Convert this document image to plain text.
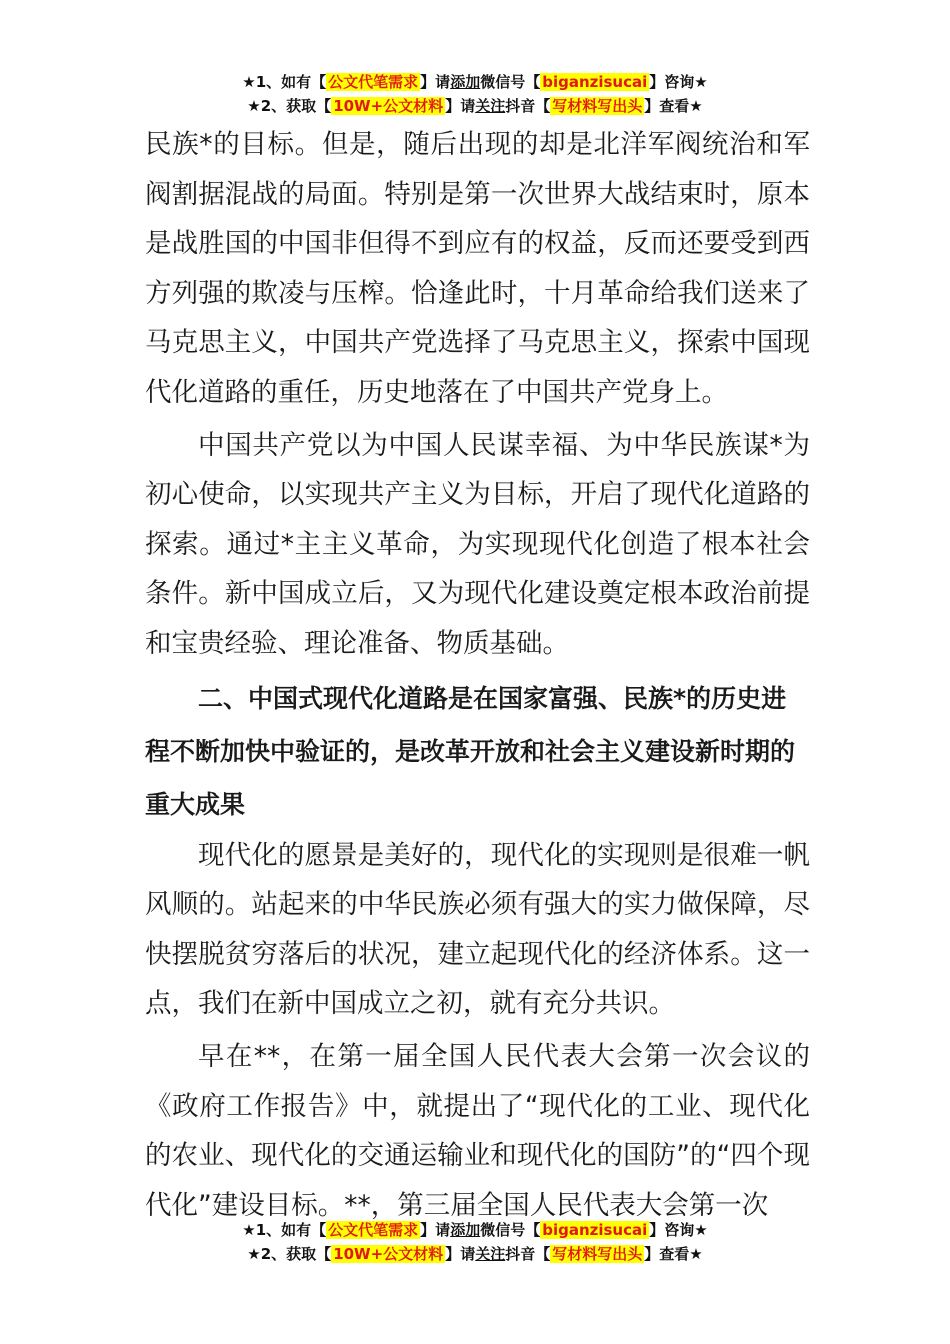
★1、如有【 公文代笔需求 】请添加微信号【 biganzisucai 】咨询★
★2、获取【 10W+公文材料 】请关注抖音【 写材料写出头 】查看★

民族*的目标。但是，随后出现的却是北洋军阀统治和军阀割据混战的局面。特别是第一次世界大战结束时，原本是战胜国的中国非但得不到应有的权益，反而还要受到西方列强的欺凌与压榨。恰逢此时，十月革命给我们送来了马克思主义，中国共产党选择了马克思主义，探索中国现代化道路的重任，历史地落在了中国共产党身上。

中国共产党以为中国人民谋幸福、为中华民族谋*为初心使命，以实现共产主义为目标，开启了现代化道路的探索。通过*主主义革命，为实现现代化创造了根本社会条件。新中国成立后，又为现代化建设奠定根本政治前提和宝贵经验、理论准备、物质基础。

二、中国式现代化道路是在国家富强、民族*的历史进程不断加快中验证的，是改革开放和社会主义建设新时期的重大成果

现代化的愿景是美好的，现代化的实现则是很难一帆风顺的。站起来的中华民族必须有强大的实力做保障，尽快摆脱贫穷落后的状况，建立起现代化的经济体系。这一点，我们在新中国成立之初，就有充分共识。

早在**，在第一届全国人民代表大会第一次会议的《政府工作报告》中，就提出了“现代化的工业、现代化的农业、现代化的交通运输业和现代化的国防”的“四个现代化”建设目标。**，第三届全国人民代表大会第一次

★1、如有【 公文代笔需求 】请添加微信号【 biganzisucai 】咨询★
★2、获取【 10W+公文材料 】请关注抖音【 写材料写出头 】查看★
